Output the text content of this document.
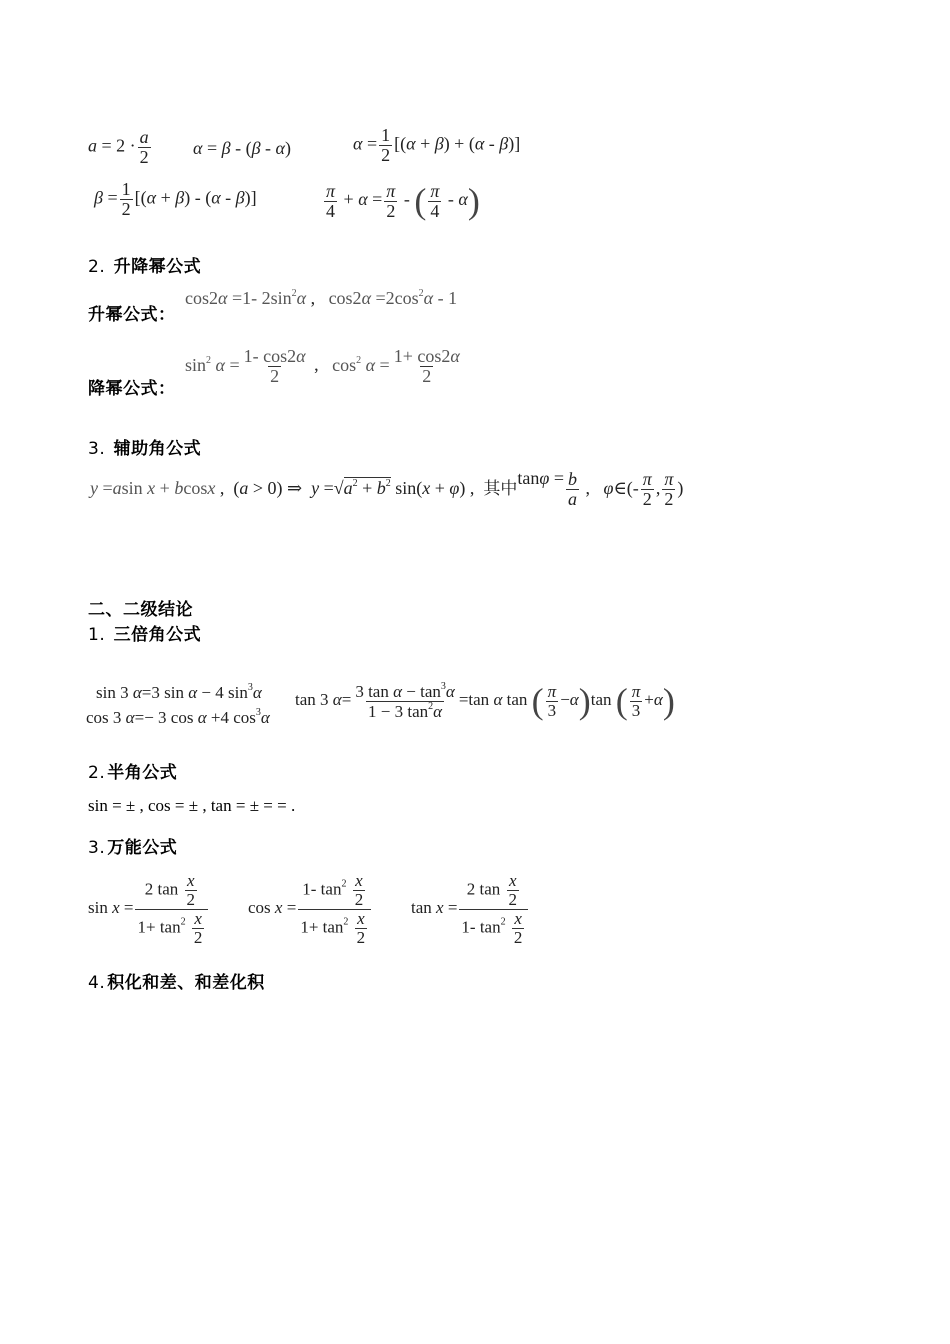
$a = 2 \cdot \frac{a}{2}$ α = β - (β - α)	$\alpha = \frac{1}{2} [(\alpha + \beta) + (\alpha - \beta)]$
$\beta = \frac{1}{2} [(\alpha + \beta) - (\alpha - \beta)]$	$\frac{\pi}{4} + \alpha = \frac{\pi}{2}$ - ( $\frac{\pi}{4} - \alpha$)
2. 升降幂公式
升幂公式：
cos2α =1- $2\sin^2\alpha$ ,   $\cos 2\alpha =2\cos^2\alpha - 1$
降幂公式：
$\sin^2 \alpha = \frac{1- \cos 2\alpha}{2}$ ,   $\cos^2 \alpha = \frac{1+ \cos 2\alpha}{2}$
3. 辅助角公式
y =asin x + bcosx ,  (a > 0) ⇒  $y =√a^2 + b^2$ sin(x + φ) ,  其中$\tan\varphi = \frac{b}{a}$ ,   φ∈(- $\frac{\pi}{2}$ , $\frac{\pi}{2}$ )
二、二级结论
1. 三倍角公式
sin 3 α=3 sin α − 4 $\sin^3\alpha$
cos 3 α=− 3 cos α +4 $\cos^3\alpha$
tan 3 $\alpha= \frac{3 \tan \alpha - \tan^3\alpha}{1 - 3 \tan^2\alpha} =\tan$ α tan ( $\frac{\pi}{3} -\alpha)\tan$ ( $\frac{\pi}{3} +\alpha$)
2. 半角公式
sin = ± , cos = ± , tan = ± = = .
3. 万能公式
$\sin x = \frac{2 \tan \frac{x}{2}}{1+ \tan^2 \frac{x}{2}}$ $\cos x = \frac{1- \tan^2 \frac{x}{2}}{1+ \tan^2 \frac{x}{2}}$ $\tan x = \frac{2 \tan \frac{x}{2}}{1- \tan^2 \frac{x}{2}}$
4. 积化和差、和差化积
